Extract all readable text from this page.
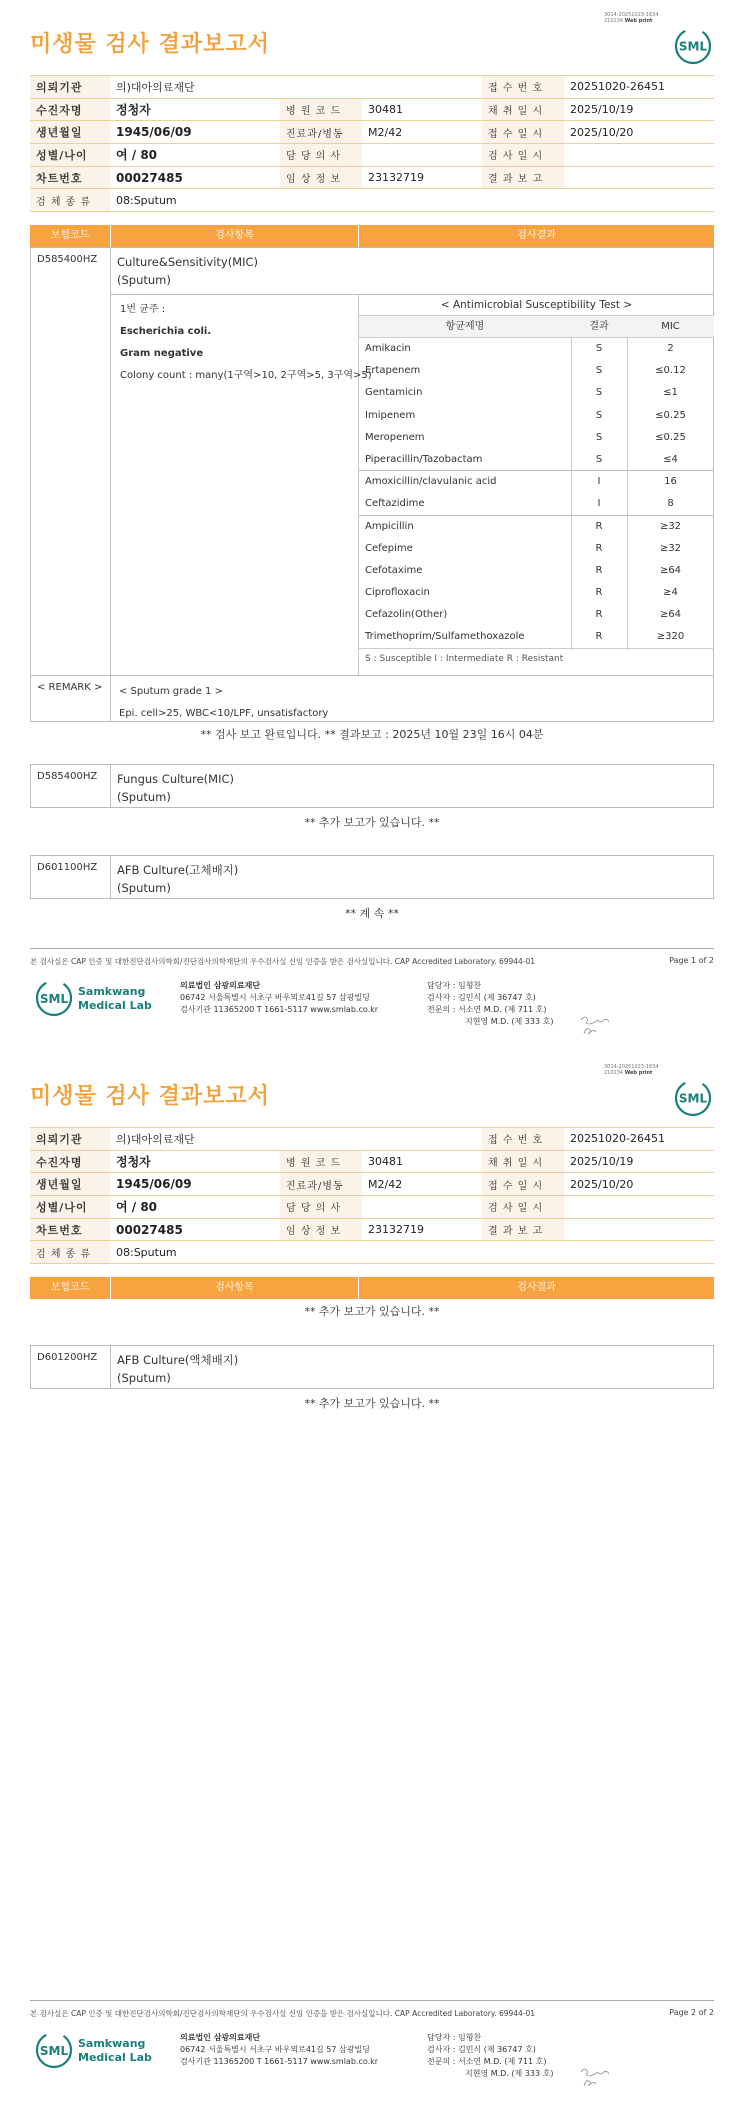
3014-20251023-1634
210234 Web print
미생물 검사 결과보고서	SML
의뢰기관	의)대아의료재단			접 수 번 호	20251020-26451
수진자명	정청자	병 원 코 드	30481	채 취 일 시	2025/10/19
생년월일	1945/06/09	진료과/병동	M2/42	접 수 일 시	2025/10/20
성별/나이	여 / 80	담 당 의 사		검 사 일 시	
차트번호	00027485	임 상 정 보	23132719	결 과 보 고	
검 체 종 류	08:Sputum				
보험코드	검사항목	검사결과
D585400HZ	Culture&Sensitivity(MIC)
(Sputum)
1번 균주 :
Escherichia coli.
Gram negative
Colony count : many(1구역>10, 2구역>5, 3구역>5)
< Antimicrobial Susceptibility Test >
항균제명	결과	MIC
Amikacin	S	2
Ertapenem	S	≤0.12
Gentamicin	S	≤1
Imipenem	S	≤0.25
Meropenem	S	≤0.25
Piperacillin/Tazobactam	S	≤4
Amoxicillin/clavulanic acid	I	16
Ceftazidime	I	8
Ampicillin	R	≥32
Cefepime	R	≥32
Cefotaxime	R	≥64
Ciprofloxacin	R	≥4
Cefazolin(Other)	R	≥64
Trimethoprim/Sulfamethoxazole	R	≥320
S : Susceptible I : Intermediate R : Resistant
< REMARK >	< Sputum grade 1 >
Epi. cell>25, WBC<10/LPF, unsatisfactory
** 검사 보고 완료입니다. ** 결과보고 : 2025년 10월 23일 16시 04분
D585400HZ	Fungus Culture(MIC)
(Sputum)
** 추가 보고가 있습니다. **
D601100HZ	AFB Culture(고체배지)
(Sputum)
** 계 속 **
본 검사실은 CAP 인증 및 대한진단검사의학회/진단검사의학재단의 우수검사실 신임 인증을 받은 검사실입니다. CAP Accredited Laboratory. 69944-01	Page 1 of 2
SML
Samkwang
Medical Lab
의료법인 삼광의료재단
06742 서울특별시 서초구 바우뫼로41길 57 삼광빌딩
검사기관 11365200 T 1661-5117 www.smlab.co.kr
담당자 : 임형찬
검사자 : 김민식 (제 36747 호)
전문의 : 서소연 M.D. (제 711 호)
지현영 M.D. (제 333 호)
3014-20251023-1634
210234 Web print
미생물 검사 결과보고서	SML
의뢰기관	의)대아의료재단			접 수 번 호	20251020-26451
수진자명	정청자	병 원 코 드	30481	채 취 일 시	2025/10/19
생년월일	1945/06/09	진료과/병동	M2/42	접 수 일 시	2025/10/20
성별/나이	여 / 80	담 당 의 사		검 사 일 시	
차트번호	00027485	임 상 정 보	23132719	결 과 보 고	
검 체 종 류	08:Sputum				
보험코드	검사항목	검사결과
** 추가 보고가 있습니다. **
D601200HZ	AFB Culture(액체배지)
(Sputum)
** 추가 보고가 있습니다. **
본 검사실은 CAP 인증 및 대한진단검사의학회/진단검사의학재단의 우수검사실 신임 인증을 받은 검사실입니다. CAP Accredited Laboratory. 69944-01	Page 2 of 2
SML
Samkwang
Medical Lab
의료법인 삼광의료재단
06742 서울특별시 서초구 바우뫼로41길 57 삼광빌딩
검사기관 11365200 T 1661-5117 www.smlab.co.kr
담당자 : 임형찬
검사자 : 김민식 (제 36747 호)
전문의 : 서소연 M.D. (제 711 호)
지현영 M.D. (제 333 호)
